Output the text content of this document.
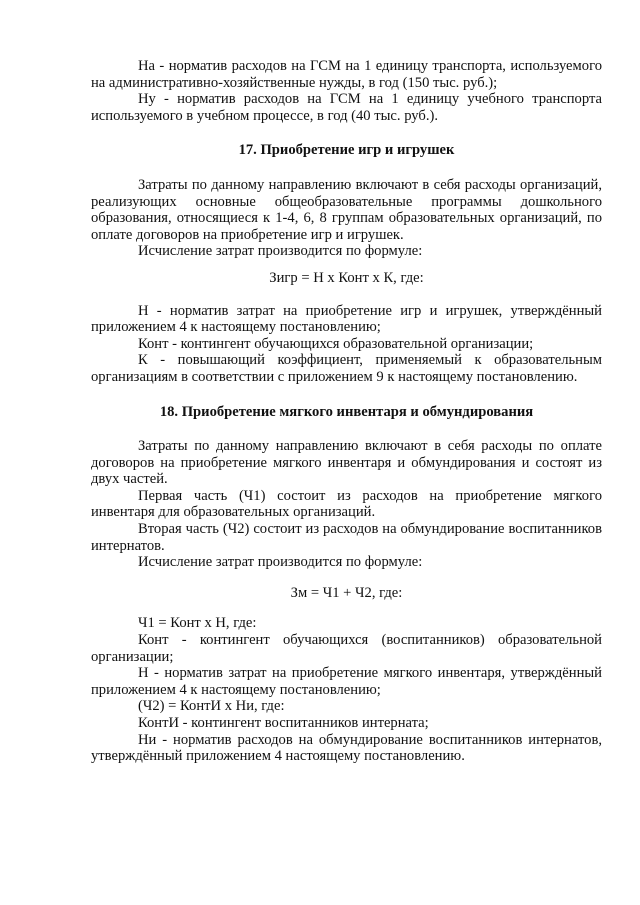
На - норматив расходов на ГСМ на 1 единицу транспорта, используемого на административно-хозяйственные нужды, в год (150 тыс. руб.);

Ну - норматив расходов на ГСМ на 1 единицу учебного транспорта используемого в учебном процессе, в год (40 тыс. руб.).

17. Приобретение игр и игрушек

Затраты по данному направлению включают в себя расходы организаций, реализующих основные общеобразовательные программы дошкольного образования, относящиеся к 1-4, 6, 8 группам образовательных организаций, по оплате договоров на приобретение игр и игрушек.

Исчисление затрат производится по формуле:

Зигр = Н х Конт х К, где:

Н - норматив затрат на приобретение игр и игрушек, утверждённый приложением 4 к настоящему постановлению;

Конт - контингент обучающихся образовательной организации;

К - повышающий коэффициент, применяемый к образовательным организациям в соответствии с приложением 9 к настоящему постановлению.

18. Приобретение мягкого инвентаря и обмундирования

Затраты по данному направлению включают в себя расходы по оплате договоров на приобретение мягкого инвентаря и обмундирования и состоят из двух частей.

Первая часть (Ч1) состоит из расходов на приобретение мягкого инвентаря для образовательных организаций.

Вторая часть (Ч2) состоит из расходов на обмундирование воспитанников интернатов.

Исчисление затрат производится по формуле:

Зм = Ч1 + Ч2, где:

Ч1 = Конт х Н, где:

Конт - контингент обучающихся (воспитанников) образовательной организации;

Н - норматив затрат на приобретение мягкого инвентаря, утверждённый приложением 4 к настоящему постановлению;

(Ч2) = КонтИ х Ни, где:

КонтИ - контингент воспитанников интерната;

Ни - норматив расходов на обмундирование воспитанников интернатов, утверждённый приложением 4 настоящему постановлению.
